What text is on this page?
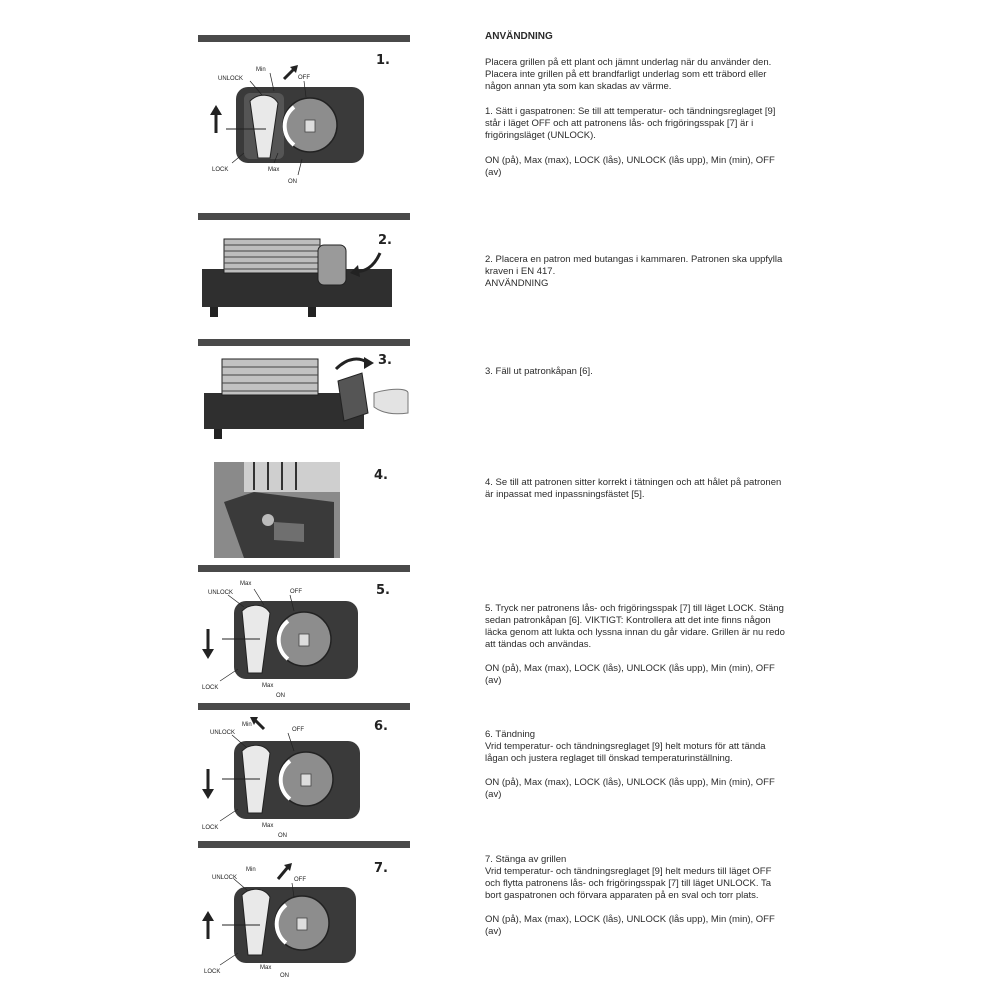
1.
UNLOCK
Min
OFF
LOCK	Max
ON
2.
3.
4.
5.
UNLOCK
Max
OFF
LOCK	Max
ON
6.
UNLOCK
Min
OFF
LOCK	Max
ON
7.
UNLOCK
Min
OFF
LOCK
Max
ON

ANVÄNDNING

Placera grillen på ett plant och jämnt underlag när du använder den.

Placera inte grillen på ett brandfarligt underlag som ett träbord eller någon annan yta som kan skadas av värme.

1. Sätt i gaspatronen: Se till att temperatur- och tändningsreglaget [9] står i läget OFF och att patronens lås- och frigöringsspak [7] är i frigöringsläget (UNLOCK).

ON (på), Max (max), LOCK (lås), UNLOCK (lås upp), Min (min), OFF (av)

2. Placera en patron med butangas i kammaren. Patronen ska uppfylla kraven i EN 417.

ANVÄNDNING

3. Fäll ut patronkåpan [6].

4. Se till att patronen sitter korrekt i tätningen och att hålet på patronen är inpassat med inpassningsfästet [5].

5. Tryck ner patronens lås- och frigöringsspak [7] till läget LOCK. Stäng sedan patronkåpan [6]. VIKTIGT: Kontrollera att det inte finns någon läcka genom att lukta och lyssna innan du går vidare. Grillen är nu redo att tändas och användas.

ON (på), Max (max), LOCK (lås), UNLOCK (lås upp), Min (min), OFF (av)

6. Tändning

Vrid temperatur- och tändningsreglaget [9] helt moturs för att tända lågan och justera reglaget till önskad temperaturinställning.

ON (på), Max (max), LOCK (lås), UNLOCK (lås upp), Min (min), OFF (av)

7. Stänga av grillen

Vrid temperatur- och tändningsreglaget [9] helt medurs till läget OFF och flytta patronens lås- och frigöringsspak [7] till läget UNLOCK. Ta bort gaspatronen och förvara apparaten på en sval och torr plats.

ON (på), Max (max), LOCK (lås), UNLOCK (lås upp), Min (min), OFF (av)
